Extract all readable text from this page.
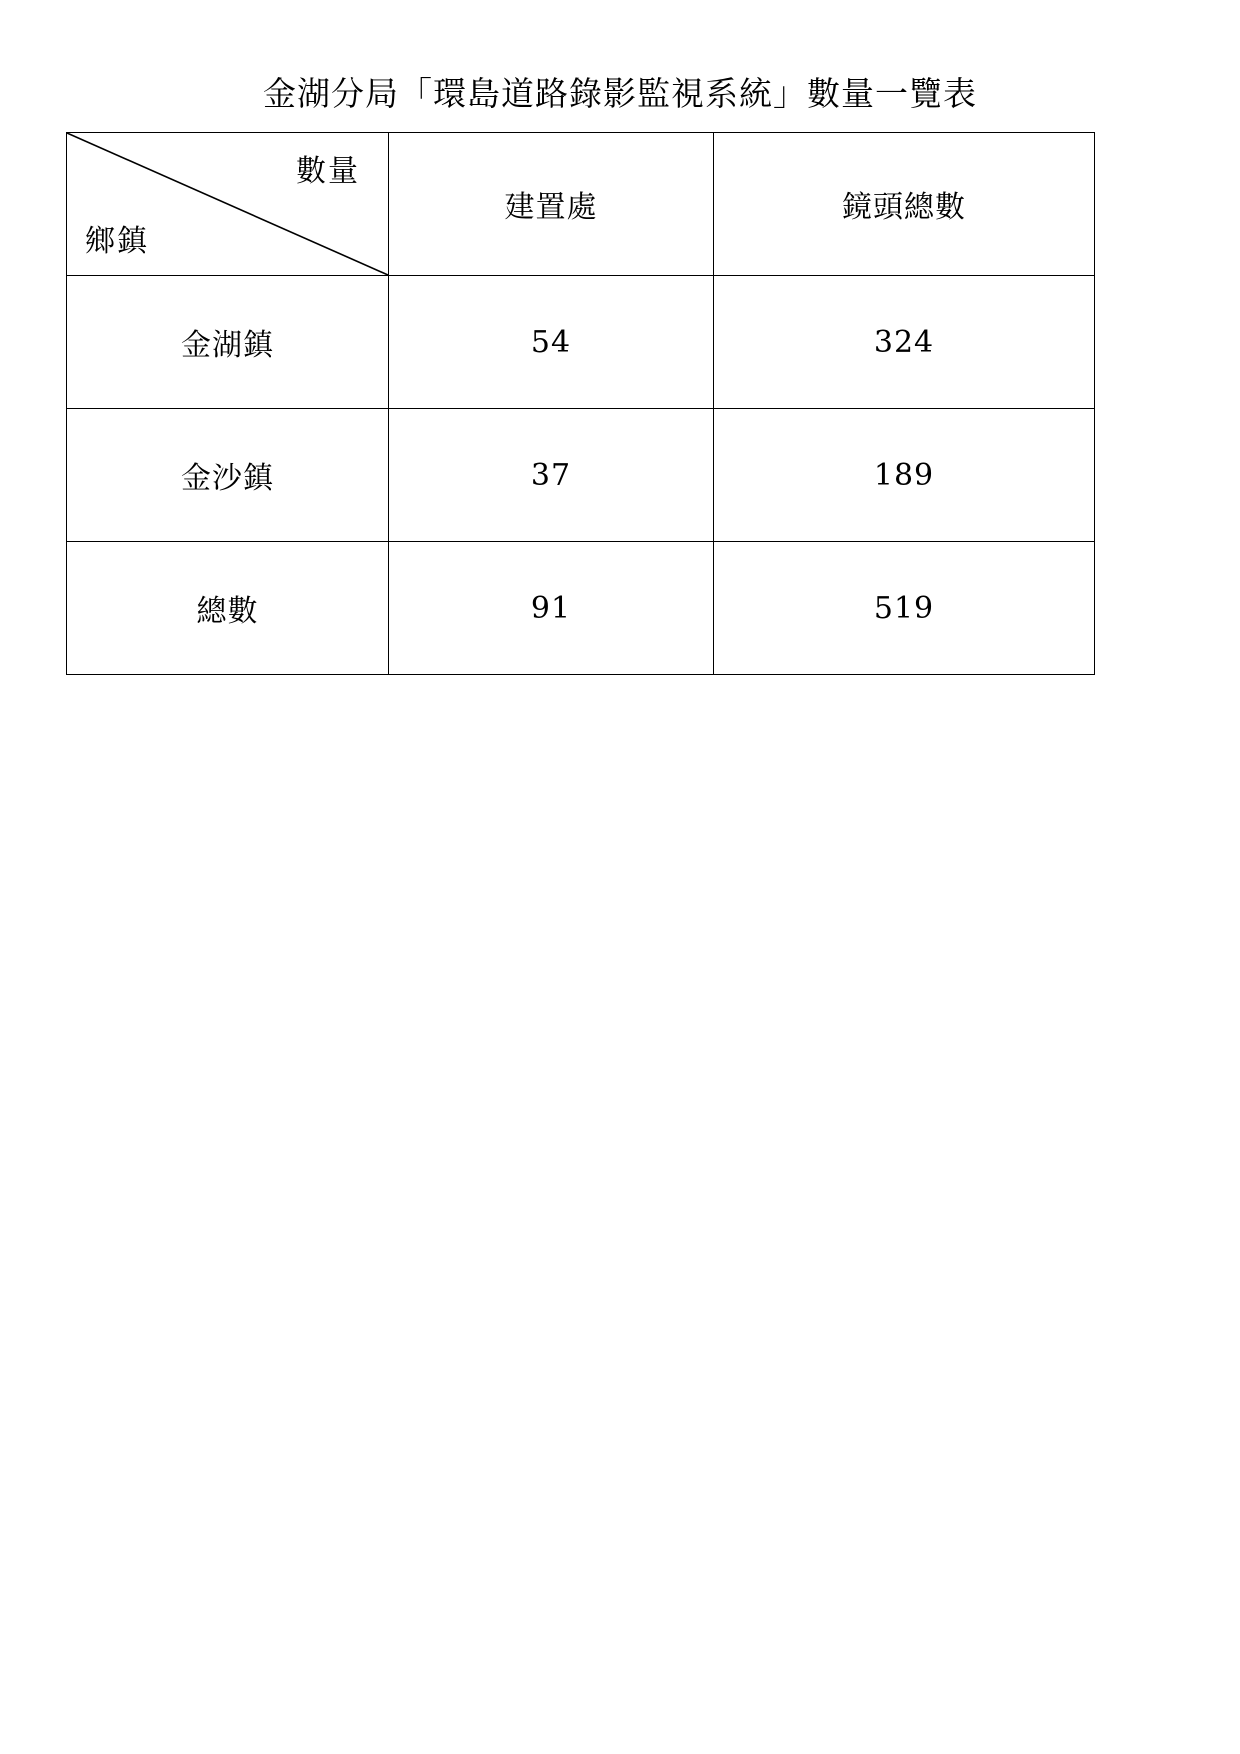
金湖分局「環島道路錄影監視系統」數量一覽表
數量
鄉鎮	建置處	鏡頭總數
金湖鎮	54	324
金沙鎮	37	189
總數	91	519
